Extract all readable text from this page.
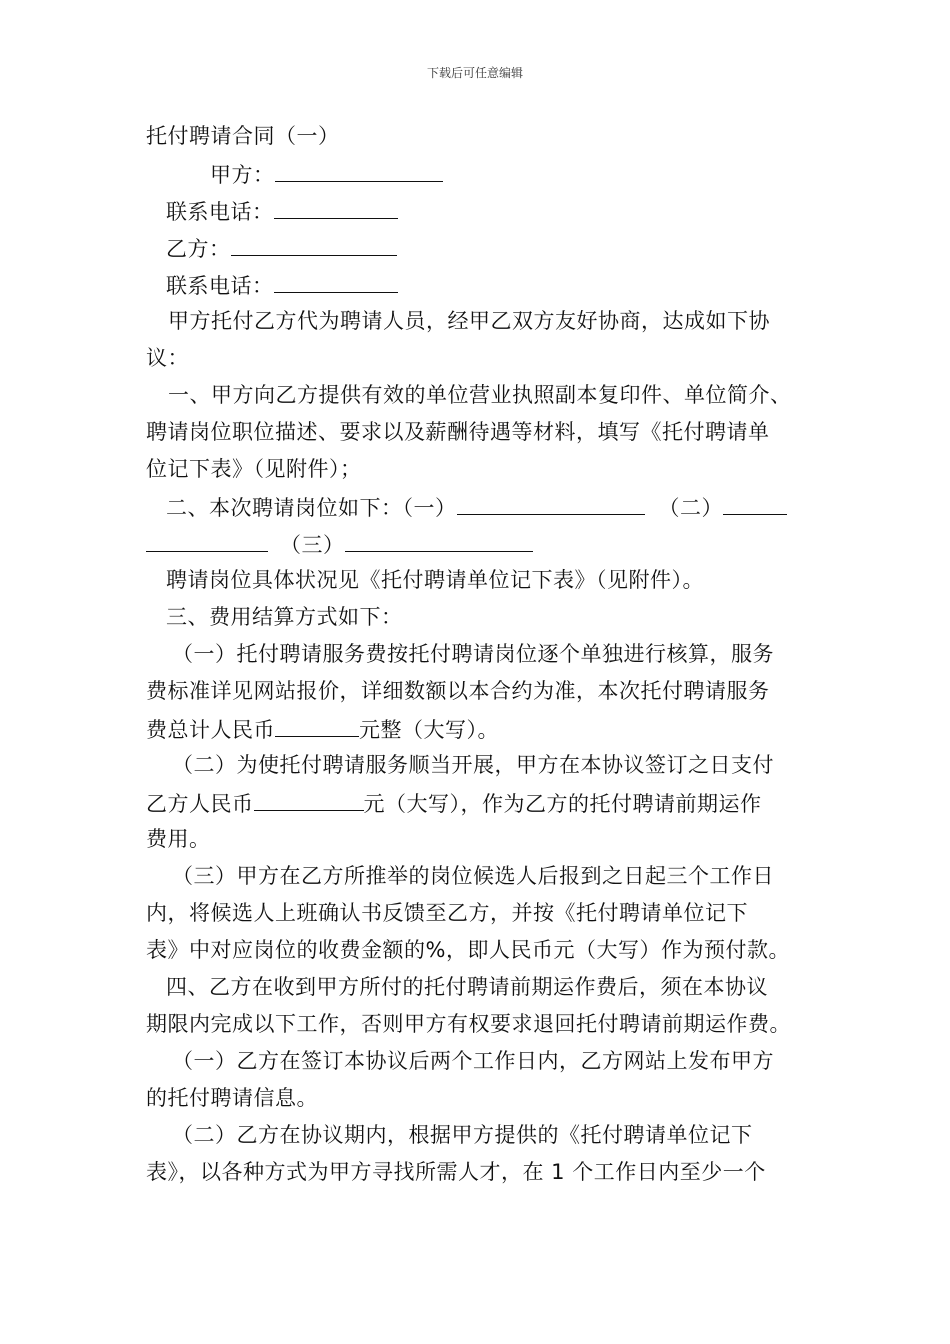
下载后可任意编辑
托付聘请合同（一）
甲方：
联系电话：
乙方：
联系电话：
甲方托付乙方代为聘请人员，经甲乙双方友好协商，达成如下协
议：
一、甲方向乙方提供有效的单位营业执照副本复印件、单位简介、
聘请岗位职位描述、要求以及薪酬待遇等材料，填写《托付聘请单
位记下表》（见附件）；
二、本次聘请岗位如下：（一）	（二）
（三）
聘请岗位具体状况见《托付聘请单位记下表》（见附件）。
三、费用结算方式如下：
（一）托付聘请服务费按托付聘请岗位逐个单独进行核算，服务
费标准详见网站报价，详细数额以本合约为准，本次托付聘请服务
费总计人民币	元整（大写）。
（二）为使托付聘请服务顺当开展，甲方在本协议签订之日支付
乙方人民币	元（大写），作为乙方的托付聘请前期运作
费用。
（三）甲方在乙方所推举的岗位候选人后报到之日起三个工作日
内，将候选人上班确认书反馈至乙方，并按《托付聘请单位记下
表》中对应岗位的收费金额的%，即人民币元（大写）作为预付款。
四、乙方在收到甲方所付的托付聘请前期运作费后，须在本协议
期限内完成以下工作，否则甲方有权要求退回托付聘请前期运作费。
（一）乙方在签订本协议后两个工作日内，乙方网站上发布甲方
的托付聘请信息。
（二）乙方在协议期内，根据甲方提供的《托付聘请单位记下
表》，以各种方式为甲方寻找所需人才，在 1 个工作日内至少一个
